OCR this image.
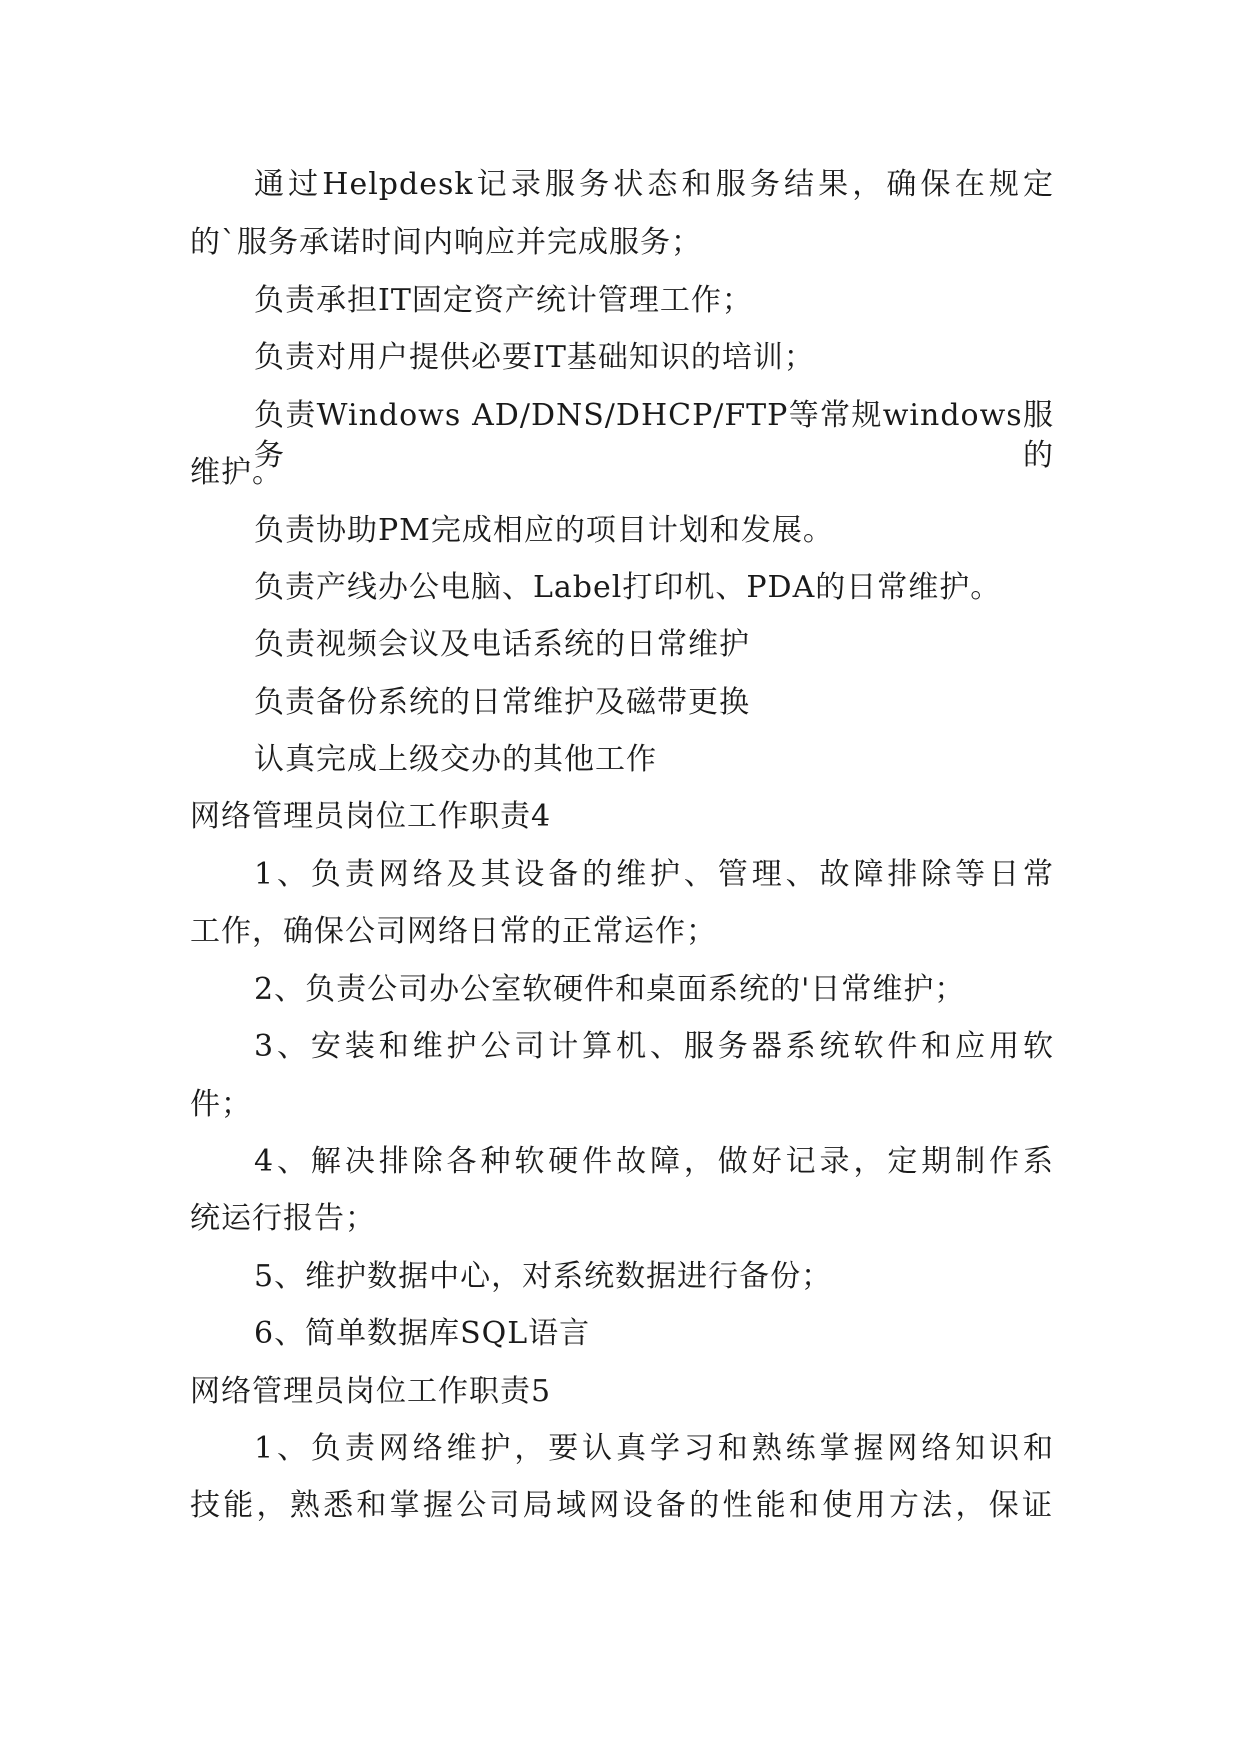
通过Helpdesk记录服务状态和服务结果，确保在规定
的`服务承诺时间内响应并完成服务；
负责承担IT固定资产统计管理工作；
负责对用户提供必要IT基础知识的培训；
负责Windows AD/DNS/DHCP/FTP等常规windows服务的
维护。
负责协助PM完成相应的项目计划和发展。
负责产线办公电脑、Label打印机、PDA的日常维护。
负责视频会议及电话系统的日常维护
负责备份系统的日常维护及磁带更换
认真完成上级交办的其他工作
网络管理员岗位工作职责4
1、负责网络及其设备的维护、管理、故障排除等日常
工作，确保公司网络日常的正常运作；
2、负责公司办公室软硬件和桌面系统的'日常维护；
3、安装和维护公司计算机、服务器系统软件和应用软
件；
4、解决排除各种软硬件故障，做好记录，定期制作系
统运行报告；
5、维护数据中心，对系统数据进行备份；
6、简单数据库SQL语言
网络管理员岗位工作职责5
1、负责网络维护，要认真学习和熟练掌握网络知识和
技能，熟悉和掌握公司局域网设备的性能和使用方法，保证
